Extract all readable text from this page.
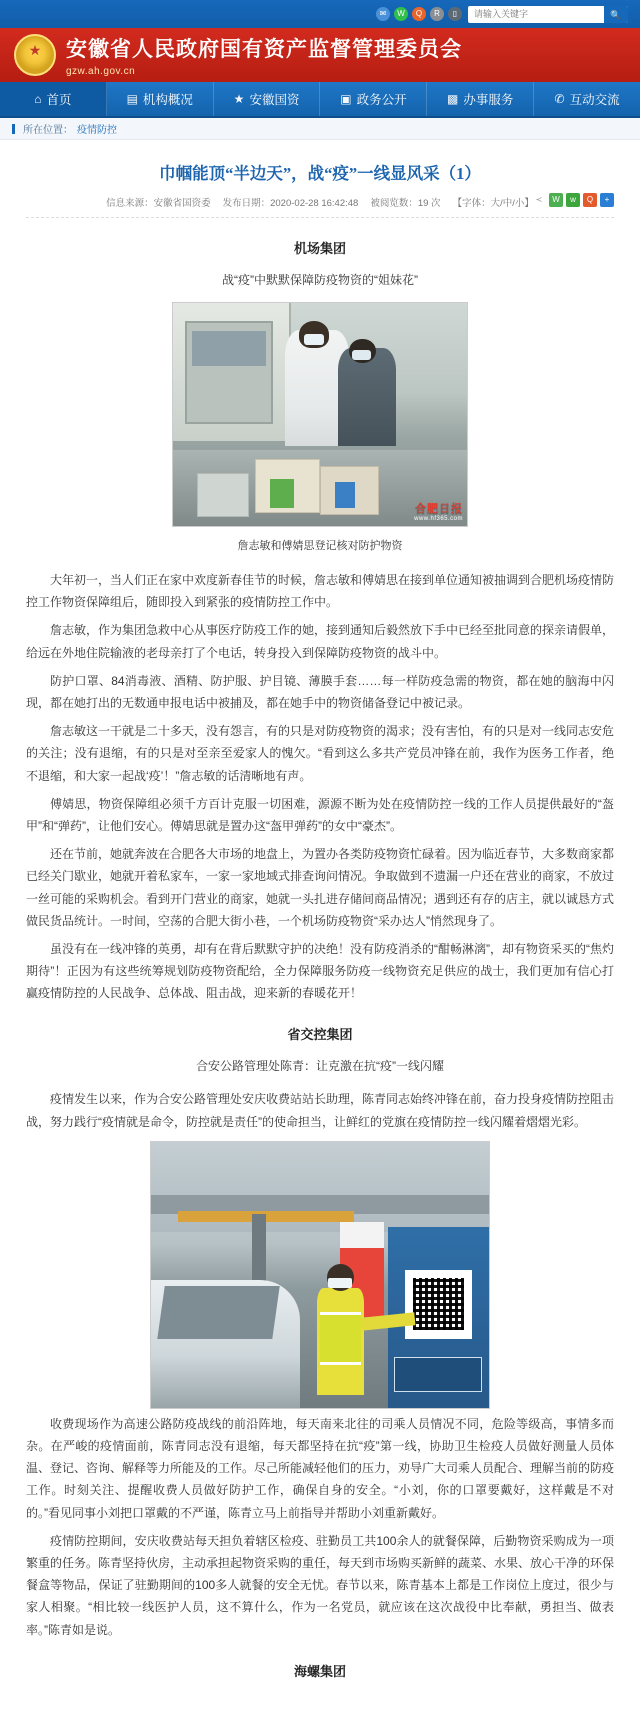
✉	W	Q	R	▯
请输入关键字	🔍
★
安徽省人民政府国有资产监督管理委员会
gzw.ah.gov.cn
⌂ 首页	▤ 机构概况	★ 安徽国资	▣ 政务公开	▩ 办事服务	✆ 互动交流
所在位置： 疫情防控
巾帼能顶“半边天”，战“疫”一线显风采（1）
信息来源：安徽省国资委 发布日期：2020-02-28 16:42:48 被阅览数：19 次 【字体：大/中/小】 ≺	W	w	Q	+
机场集团
战“疫”中默默保障防疫物资的“姐妹花”
合肥日报
www.hf365.com
詹志敏和傅婧思登记核对防护物资

大年初一，当人们正在家中欢度新春佳节的时候，詹志敏和傅婧思在接到单位通知被抽调到合肥机场疫情防控工作物资保障组后，随即投入到紧张的疫情防控工作中。

詹志敏，作为集团急救中心从事医疗防疫工作的她，接到通知后毅然放下手中已经至批同意的探亲请假单，给远在外地住院输液的老母亲打了个电话，转身投入到保障防疫物资的战斗中。

防护口罩、84消毒液、酒精、防护服、护目镜、薄膜手套……每一样防疫急需的物资，都在她的脑海中闪现，都在她打出的无数通申报电话中被捕及，都在她手中的物资储备登记中被记录。

詹志敏这一干就是二十多天，没有怨言，有的只是对防疫物资的渴求；没有害怕，有的只是对一线同志安危的关注；没有退缩，有的只是对至亲至爱家人的愧欠。“看到这么多共产党员冲锋在前，我作为医务工作者，绝不退缩，和大家一起战‘疫’！”詹志敏的话清晰地有声。

傅婧思，物资保障组必须千方百计克服一切困难，源源不断为处在疫情防控一线的工作人员提供最好的“盔甲”和“弹药”，让他们安心。傅婧思就是置办这“盔甲弹药”的女中“豪杰”。

还在节前，她就奔波在合肥各大市场的地盘上，为置办各类防疫物资忙碌着。因为临近春节，大多数商家都已经关门歇业，她就开着私家车，一家一家地域式排查询问情况。争取做到不遗漏一户还在营业的商家，不放过一丝可能的采购机会。看到开门营业的商家，她就一头扎进存储间商品情况；遇到还有存的店主，就以诚恳方式做民货品统计。一时间，空荡的合肥大街小巷，一个机场防疫物资“采办达人”悄然现身了。

虽没有在一线冲锋的英勇，却有在背后默默守护的决绝！没有防疫消杀的“酣畅淋漓”，却有物资采买的“焦灼期待”！正因为有这些统筹规划防疫物资配给，全力保障服务防疫一线物资充足供应的战士，我们更加有信心打赢疫情防控的人民战争、总体战、阻击战，迎来新的春暖花开！

省交控集团
合安公路管理处陈青：让克激在抗“疫”一线闪耀

疫情发生以来，作为合安公路管理处安庆收费站站长助理，陈青同志始终冲锋在前，奋力投身疫情防控阻击战，努力践行“疫情就是命令，防控就是责任”的使命担当，让鲜红的党旗在疫情防控一线闪耀着熠熠光彩。

收费现场作为高速公路防疫战线的前沿阵地，每天南来北往的司乘人员情况不同，危险等级高，事情多而杂。在严峻的疫情面前，陈青同志没有退缩，每天都坚持在抗“疫”第一线，协助卫生检疫人员做好测量人员体温、登记、咨询、解释等力所能及的工作。尽己所能减轻他们的压力，劝导广大司乘人员配合、理解当前的防疫工作。时刻关注、提醒收费人员做好防护工作，确保自身的安全。“小刘，你的口罩要戴好，这样戴是不对的。”看见同事小刘把口罩戴的不严谨，陈青立马上前指导并帮助小刘重新戴好。

疫情防控期间，安庆收费站每天担负着辖区检疫、驻勤员工共100余人的就餐保障，后勤物资采购成为一项繁重的任务。陈青坚持伙房，主动承担起物资采购的重任，每天到市场购买新鲜的蔬菜、水果、放心干净的环保餐盒等物品，保证了驻勤期间的100多人就餐的安全无忧。春节以来，陈青基本上都是工作岗位上度过，很少与家人相聚。“相比较一线医护人员，这不算什么，作为一名党员，就应该在这次战役中比奉献，勇担当、做表率。”陈青如是说。

海螺集团
